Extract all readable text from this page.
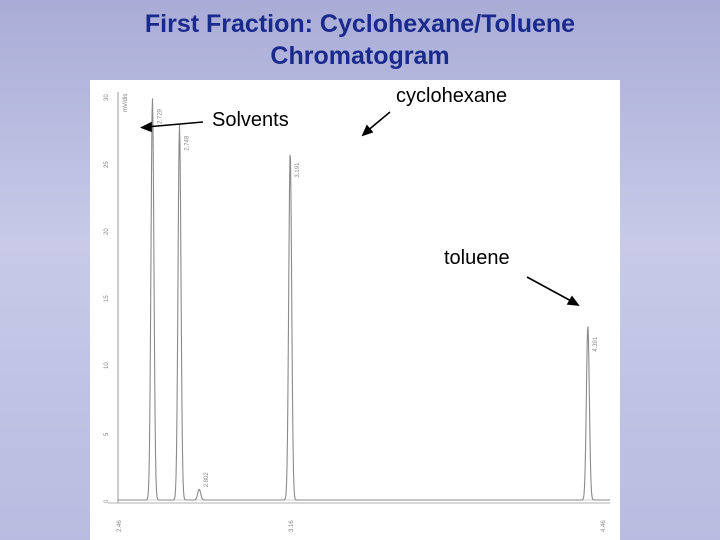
First Fraction: Cyclohexane/Toluene
Chromatogram
0
5
10
15
20
25
30
2.46	3.16	4.46
2.729
2.748
2.802
3.191
4.391
mV/dis
Solvents
cyclohexane
toluene
